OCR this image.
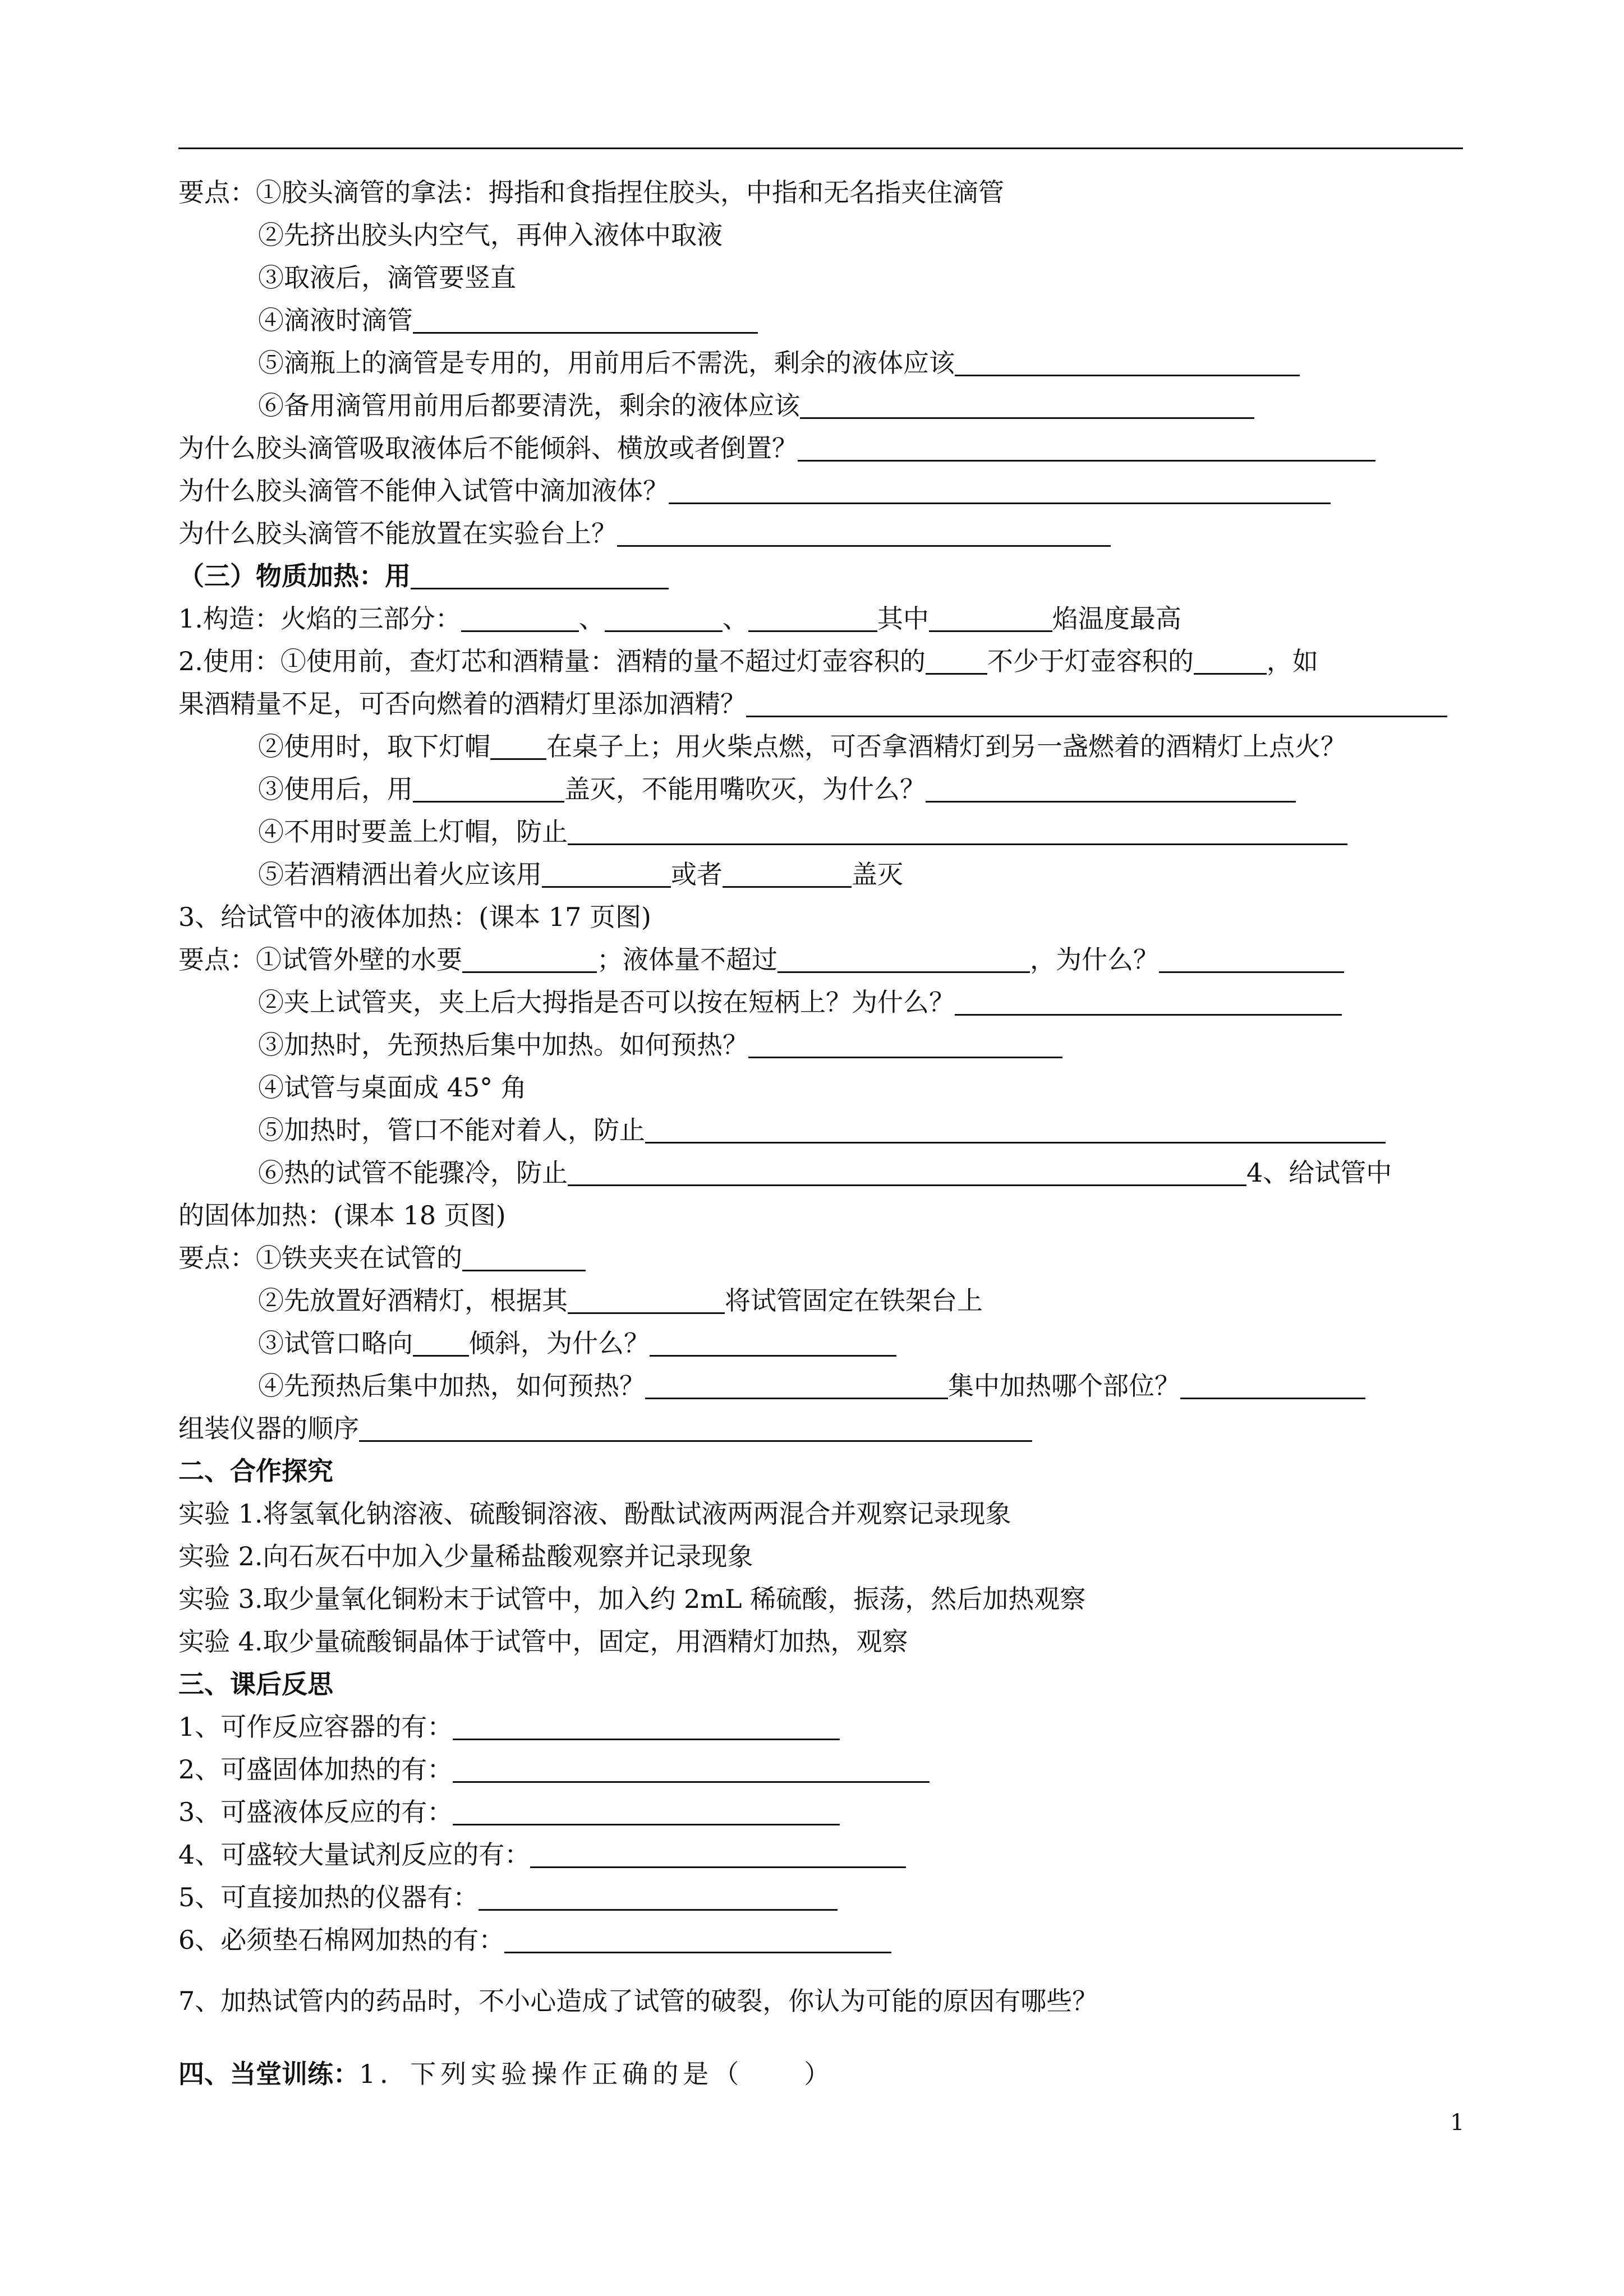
要点：①胶头滴管的拿法：拇指和食指捏住胶头，中指和无名指夹住滴管
②先挤出胶头内空气，再伸入液体中取液
③取液后，滴管要竖直
④滴液时滴管
⑤滴瓶上的滴管是专用的，用前用后不需洗，剩余的液体应该
⑥备用滴管用前用后都要清洗，剩余的液体应该
为什么胶头滴管吸取液体后不能倾斜、横放或者倒置？
为什么胶头滴管不能伸入试管中滴加液体？
为什么胶头滴管不能放置在实验台上？
（三）物质加热：用
1.构造：火焰的三部分：	、	、	其中	焰温度最高
2.使用：①使用前，查灯芯和酒精量：酒精的量不超过灯壶容积的 不少于灯壶容积的	，如
果酒精量不足，可否向燃着的酒精灯里添加酒精？
②使用时，取下灯帽 在桌子上；用火柴点燃，可否拿酒精灯到另一盏燃着的酒精灯上点火？
③使用后，用	盖灭，不能用嘴吹灭，为什么？
④不用时要盖上灯帽，防止
⑤若酒精洒出着火应该用	或者	盖灭
3、给试管中的液体加热：(课本 17 页图)
要点：①试管外壁的水要	；液体量不超过	，为什么？
②夹上试管夹，夹上后大拇指是否可以按在短柄上？为什么？
③加热时，先预热后集中加热。如何预热？
④试管与桌面成 45° 角
⑤加热时，管口不能对着人，防止
⑥热的试管不能骤冷，防止	4、给试管中
的固体加热：(课本 18 页图)
要点：①铁夹夹在试管的
②先放置好酒精灯，根据其	将试管固定在铁架台上
③试管口略向 倾斜，为什么？
④先预热后集中加热，如何预热？	集中加热哪个部位？
组装仪器的顺序
二、合作探究
实验 1.将氢氧化钠溶液、硫酸铜溶液、酚酞试液两两混合并观察记录现象
实验 2.向石灰石中加入少量稀盐酸观察并记录现象
实验 3.取少量氧化铜粉末于试管中，加入约 2mL 稀硫酸，振荡，然后加热观察
实验 4.取少量硫酸铜晶体于试管中，固定，用酒精灯加热，观察
三、课后反思
1、可作反应容器的有：
2、可盛固体加热的有：
3、可盛液体反应的有：
4、可盛较大量试剂反应的有：
5、可直接加热的仪器有：
6、必须垫石棉网加热的有：
7、加热试管内的药品时，不小心造成了试管的破裂，你认为可能的原因有哪些？
四、当堂训练：1．下列实验操作正确的是（　　）
1
